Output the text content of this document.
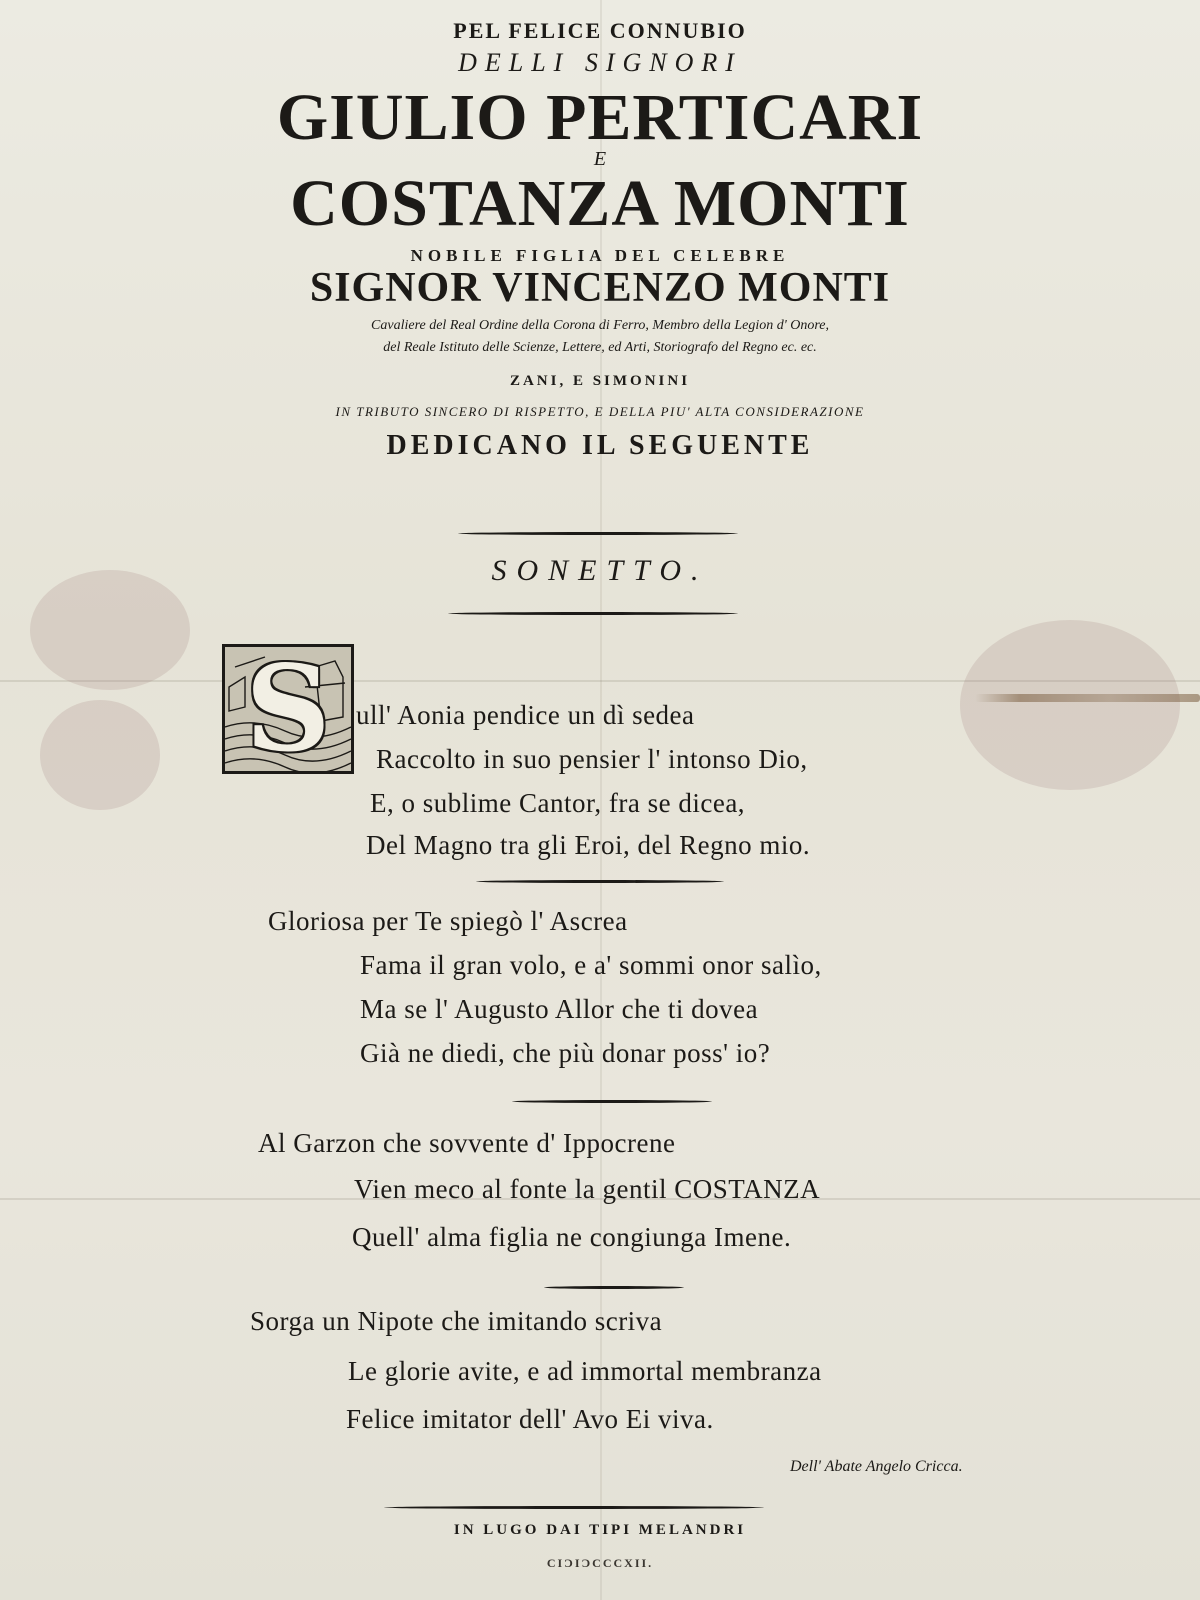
PEL FELICE CONNUBIO
DELLI SIGNORI
GIULIO PERTICARI
E
COSTANZA MONTI
NOBILE FIGLIA DEL CELEBRE
SIGNOR VINCENZO MONTI
Cavaliere del Real Ordine della Corona di Ferro, Membro della Legion d' Onore,
del Reale Istituto delle Scienze, Lettere, ed Arti, Storiografo del Regno ec. ec.
ZANI, E SIMONINI
IN TRIBUTO SINCERO DI RISPETTO, E DELLA PIU' ALTA CONSIDERAZIONE
DEDICANO IL SEGUENTE
SONETTO.
S ull' Aonia pendice un dì sedea
Raccolto in suo pensier l' intonso Dio,
E, o sublime Cantor, fra se dicea,
Del Magno tra gli Eroi, del Regno mio.
Gloriosa per Te spiegò l' Ascrea
Fama il gran volo, e a' sommi onor salìo,
Ma se l' Augusto Allor che ti dovea
Già ne diedi, che più donar poss' io?
Al Garzon che sovvente d' Ippocrene
Vien meco al fonte la gentil COSTANZA
Quell' alma figlia ne congiunga Imene.
Sorga un Nipote che imitando scriva
Le glorie avite, e ad immortal membranza
Felice imitator dell' Avo Ei viva.
Dell' Abate Angelo Cricca.
IN LUGO DAI TIPI MELANDRI
CIƆIƆCCCXII.
